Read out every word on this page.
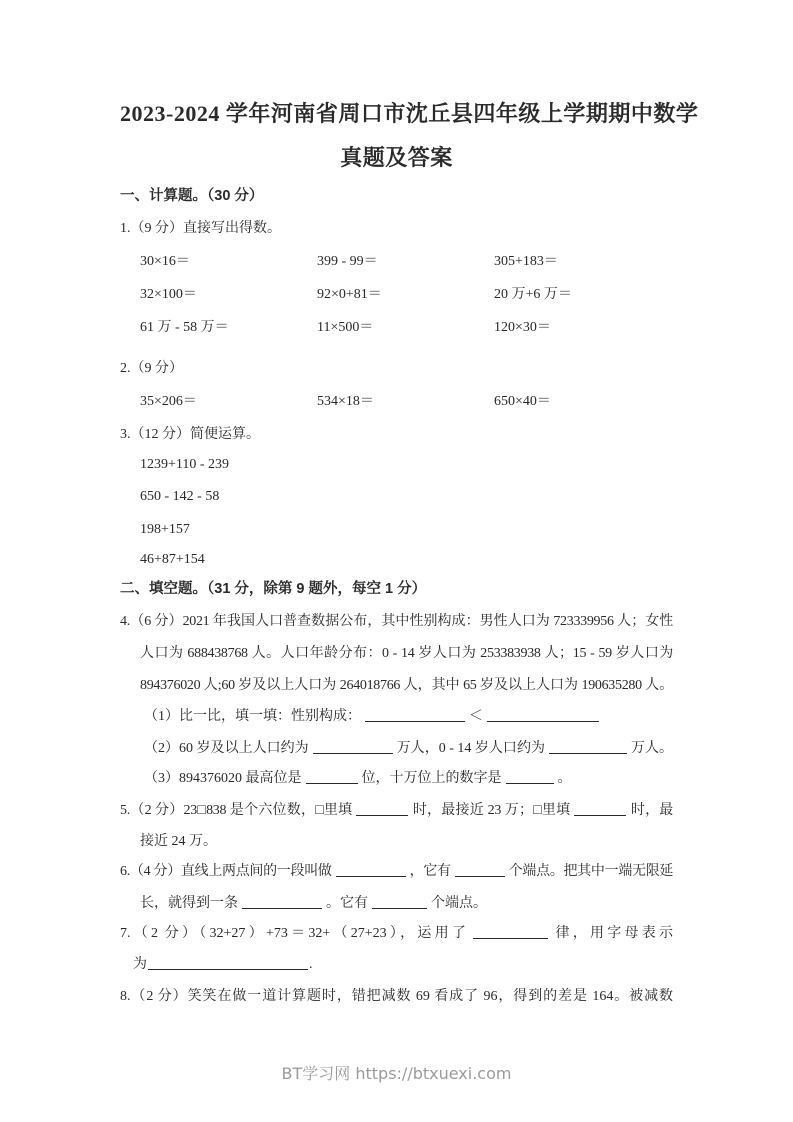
2023-2024 学年河南省周口市沈丘县四年级上学期期中数学
真题及答案
一、计算题。（30 分）
1.（9 分）直接写出得数。
30×16＝	399 - 99＝	305+183＝
32×100＝	92×0+81＝	20 万+6 万＝
61 万 - 58 万＝	11×500＝	120×30＝
2.（9 分）
35×206＝	534×18＝	650×40＝
3.（12 分）简便运算。
1239+110 - 239
650 - 142 - 58
198+157
46+87+154
二、填空题。（31 分，除第 9 题外，每空 1 分）
4.（6 分）2021 年我国人口普查数据公布，其中性别构成：男性人口为 723339956 人；女性
人口为 688438768 人。人口年龄分布：0 - 14 岁人口为 253383938 人；15 - 59 岁人口为
894376020 人;60 岁及以上人口为 264018766 人，其中 65 岁及以上人口为 190635280 人。
（1）比一比，填一填：性别构成：	＜
（2）60 岁及以上人口约为	万人，0 - 14 岁人口约为	万人。
（3）894376020 最高位是	位，十万位上的数字是	。
5.（2 分）23□838 是个六位数，□里填	时，最接近 23 万；□里填	时，最
接近 24 万。
6.（4 分）直线上两点间的一段叫做	，它有	个端点。把其中一端无限延
长，就得到一条	。它有	个端点。
7.（2 分）（32+27）+73＝32+（27+23），运用了	律，用字母表示
为	.
8.（2 分）笑笑在做一道计算题时，错把减数 69 看成了 96，得到的差是 164。被减数
BT学习网 https://btxuexi.com
